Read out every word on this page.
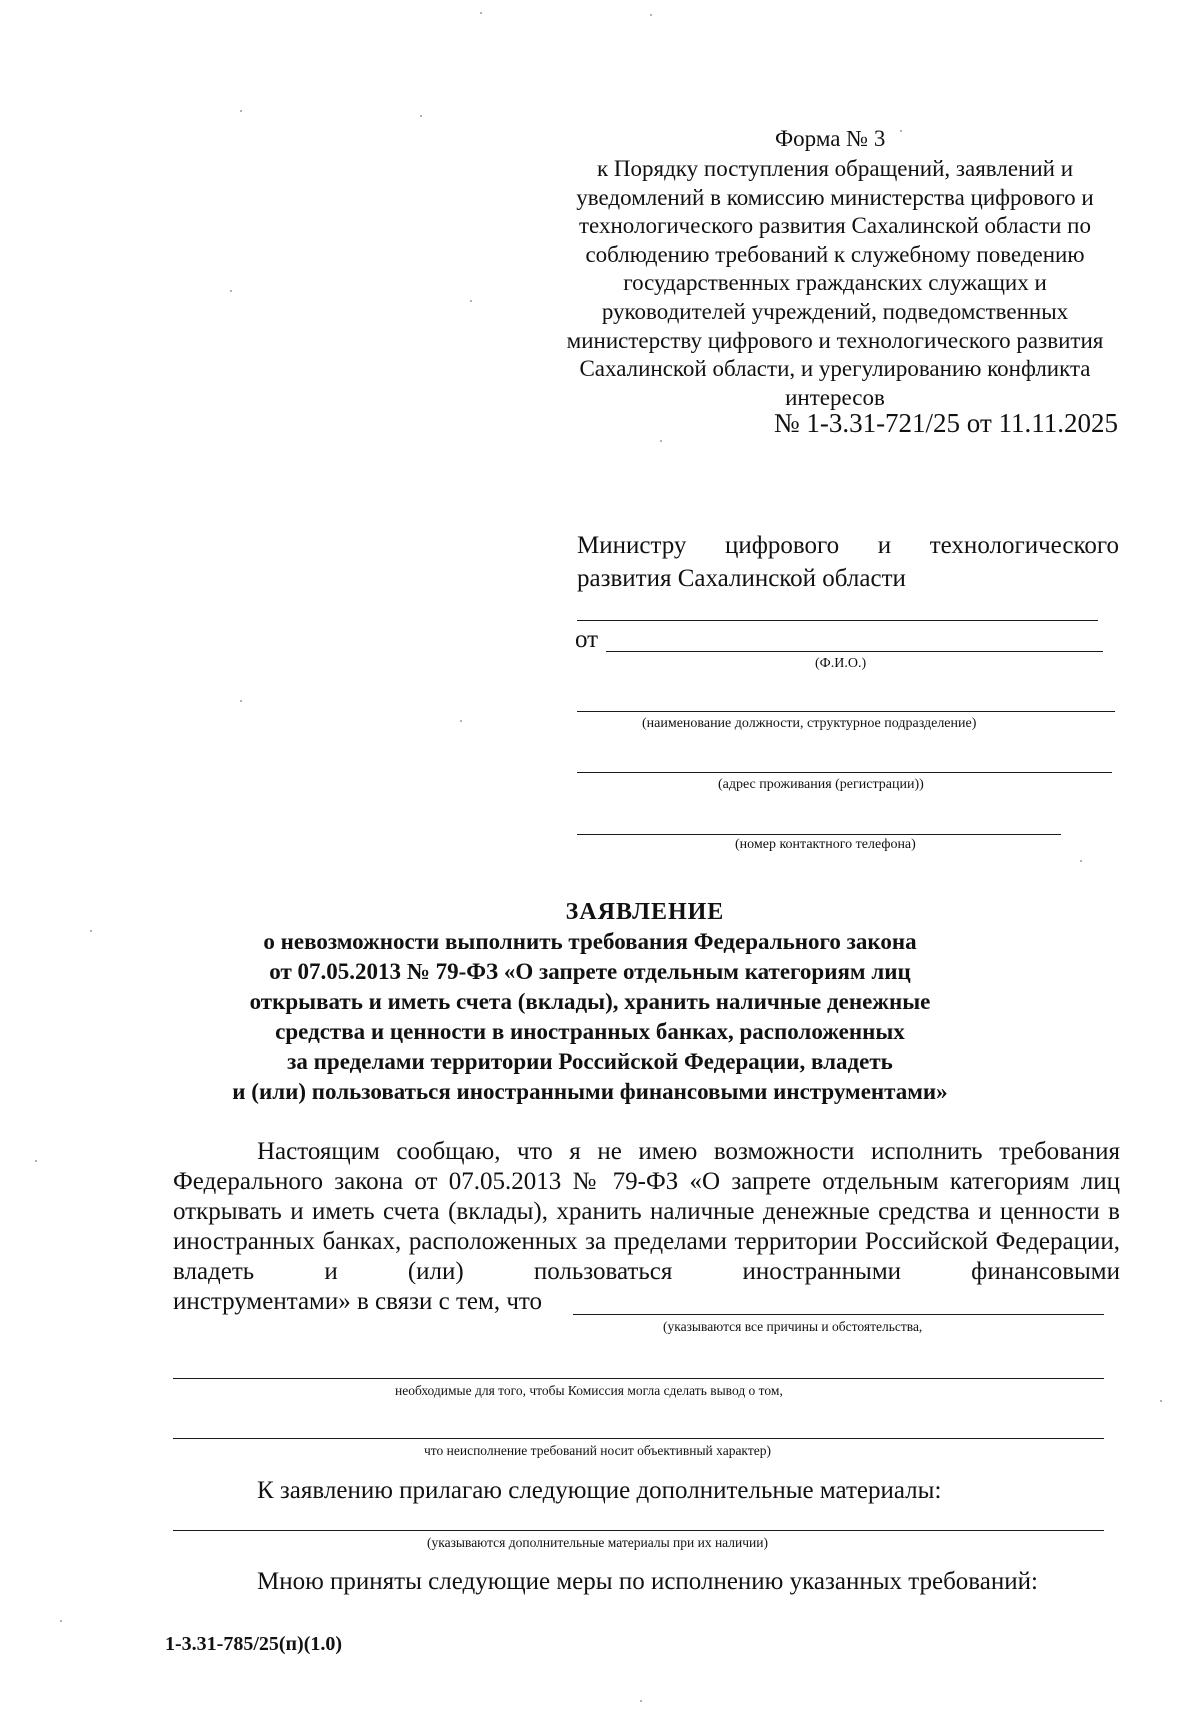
Форма № 3
к Порядку поступления обращений, заявлений и
уведомлений в комиссию министерства цифрового и
технологического развития Сахалинской области по
соблюдению требований к служебному поведению
государственных гражданских служащих и
руководителей учреждений, подведомственных
министерству цифрового и технологического развития
Сахалинской области, и урегулированию конфликта
интересов
№ 1-3.31-721/25 от 11.11.2025
Министру цифрового и технологического
развития Сахалинской области
от
(Ф.И.О.)
(наименование должности, структурное подразделение)
(адрес проживания (регистрации))
(номер контактного телефона)
ЗАЯВЛЕНИЕ
о невозможности выполнить требования Федерального закона
от 07.05.2013 № 79-ФЗ «О запрете отдельным категориям лиц
открывать и иметь счета (вклады), хранить наличные денежные
средства и ценности в иностранных банках, расположенных
за пределами территории Российской Федерации, владеть
и (или) пользоваться иностранными финансовыми инструментами»
Настоящим сообщаю, что я не имею возможности исполнить требования Федерального закона от 07.05.2013 № 79-ФЗ «О запрете отдельным категориям лиц открывать и иметь счета (вклады), хранить наличные денежные средства и ценности в иностранных банках, расположенных за пределами территории Российской Федерации, владеть и (или) пользоваться иностранными финансовыми
инструментами» в связи с тем, что
(указываются все причины и обстоятельства,
необходимые для того, чтобы Комиссия могла сделать вывод о том,
что неисполнение требований носит объективный характер)
К заявлению прилагаю следующие дополнительные материалы:
(указываются дополнительные материалы при их наличии)
Мною приняты следующие меры по исполнению указанных требований:
1-3.31-785/25(п)(1.0)
